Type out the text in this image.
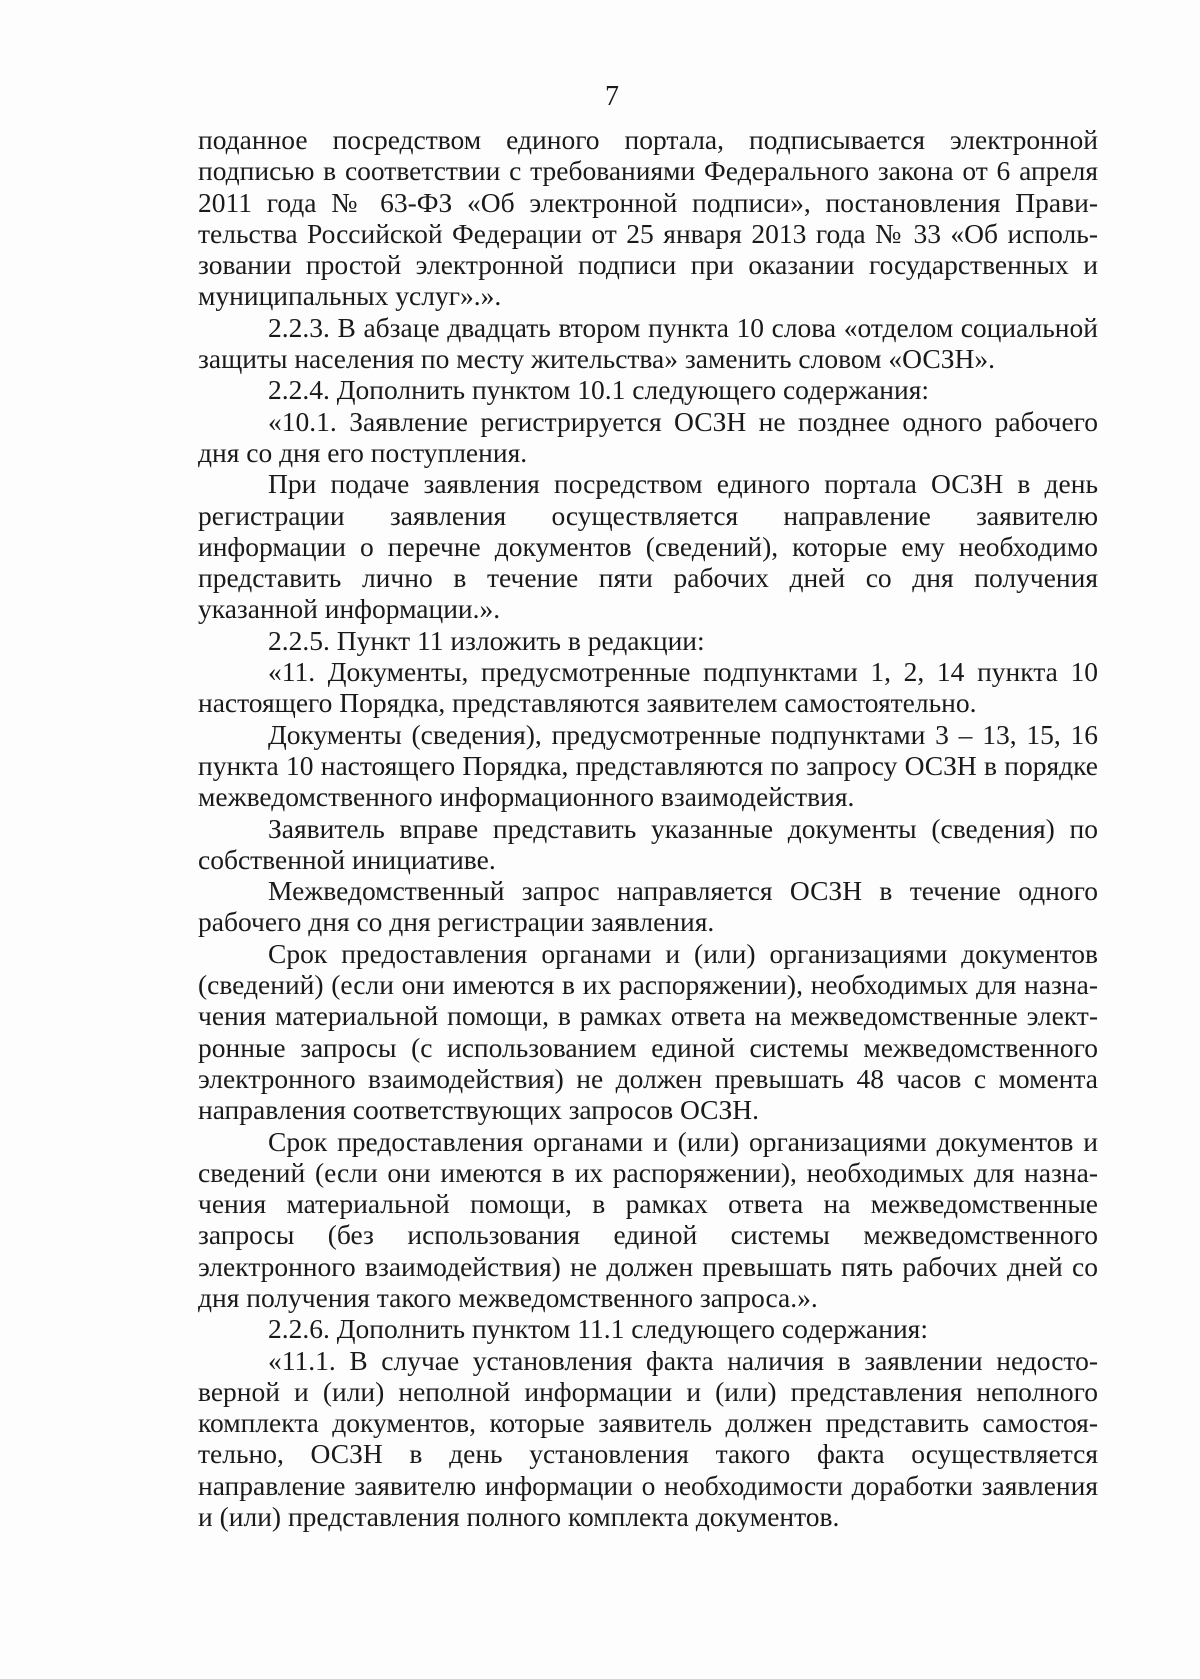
7

поданное посредством единого портала, подписывается электронной подписью в соответствии с требованиями Федерального закона от 6 апреля 2011 года № 63-ФЗ «Об электронной подписи», постановления Правительства Российской Федерации от 25 января 2013 года № 33 «Об использовании простой электронной подписи при оказании государственных и муниципальных услуг».».

2.2.3. В абзаце двадцать втором пункта 10 слова «отделом социальной защиты населения по месту жительства» заменить словом «ОСЗН».

2.2.4. Дополнить пунктом 10.1 следующего содержания:

«10.1. Заявление регистрируется ОСЗН не позднее одного рабочего дня со дня его поступления.

При подаче заявления посредством единого портала ОСЗН в день регистрации заявления осуществляется направление заявителю информации о перечне документов (сведений), которые ему необходимо представить лично в течение пяти рабочих дней со дня получения указанной информации.».

2.2.5. Пункт 11 изложить в редакции:

«11. Документы, предусмотренные подпунктами 1, 2, 14 пункта 10 настоящего Порядка, представляются заявителем самостоятельно.

Документы (сведения), предусмотренные подпунктами 3 – 13, 15, 16 пункта 10 настоящего Порядка, представляются по запросу ОСЗН в порядке межведомственного информационного взаимодействия.

Заявитель вправе представить указанные документы (сведения) по собственной инициативе.

Межведомственный запрос направляется ОСЗН в течение одного рабочего дня со дня регистрации заявления.

Срок предоставления органами и (или) организациями документов (сведений) (если они имеются в их распоряжении), необходимых для назначения материальной помощи, в рамках ответа на межведомственные электронные запросы (с использованием единой системы межведомственного электронного взаимодействия) не должен превышать 48 часов с момента направления соответствующих запросов ОСЗН.

Срок предоставления органами и (или) организациями документов и сведений (если они имеются в их распоряжении), необходимых для назначения материальной помощи, в рамках ответа на межведомственные запросы (без использования единой системы межведомственного электронного взаимодействия) не должен превышать пять рабочих дней со дня получения такого межведомственного запроса.».

2.2.6. Дополнить пунктом 11.1 следующего содержания:

«11.1. В случае установления факта наличия в заявлении недостоверной и (или) неполной информации и (или) представления неполного комплекта документов, которые заявитель должен представить самостоятельно, ОСЗН в день установления такого факта осуществляется направление заявителю информации о необходимости доработки заявления и (или) представления полного комплекта документов.
